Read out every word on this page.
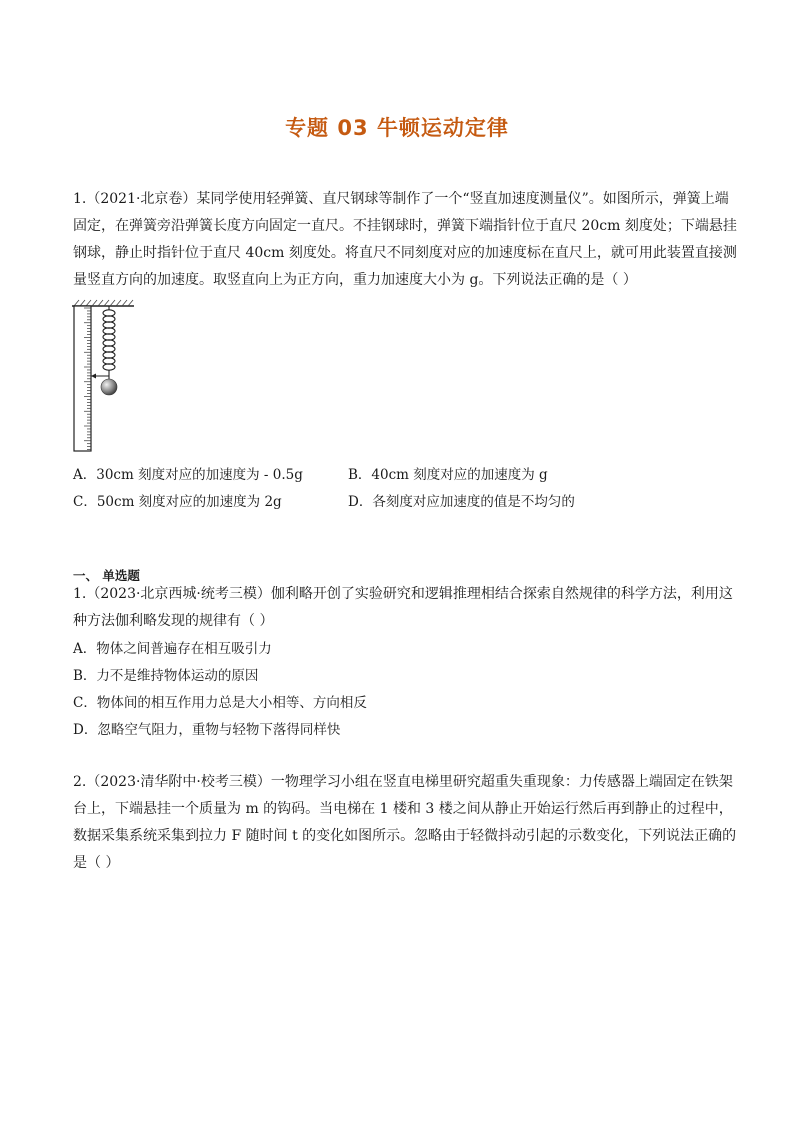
专题 03 牛顿运动定律
1.（2021·北京卷）某同学使用轻弹簧、直尺钢球等制作了一个“竖直加速度测量仪”。如图所示，弹簧上端
固定，在弹簧旁沿弹簧长度方向固定一直尺。不挂钢球时，弹簧下端指针位于直尺 20cm 刻度处；下端悬挂
钢球，静止时指针位于直尺 40cm 刻度处。将直尺不同刻度对应的加速度标在直尺上，就可用此装置直接测
量竖直方向的加速度。取竖直向上为正方向，重力加速度大小为 g。下列说法正确的是（ ）
A．30cm 刻度对应的加速度为 - 0.5g	B．40cm 刻度对应的加速度为 g
C．50cm 刻度对应的加速度为 2g	D．各刻度对应加速度的值是不均匀的
一、 单选题
1.（2023·北京西城·统考三模）伽利略开创了实验研究和逻辑推理相结合探索自然规律的科学方法，利用这
种方法伽利略发现的规律有（ ）
A．物体之间普遍存在相互吸引力
B．力不是维持物体运动的原因
C．物体间的相互作用力总是大小相等、方向相反
D．忽略空气阻力，重物与轻物下落得同样快
2.（2023·清华附中·校考三模）一物理学习小组在竖直电梯里研究超重失重现象：力传感器上端固定在铁架
台上，下端悬挂一个质量为 m 的钩码。当电梯在 1 楼和 3 楼之间从静止开始运行然后再到静止的过程中，
数据采集系统采集到拉力 F 随时间 t 的变化如图所示。忽略由于轻微抖动引起的示数变化，下列说法正确的
是（ ）
